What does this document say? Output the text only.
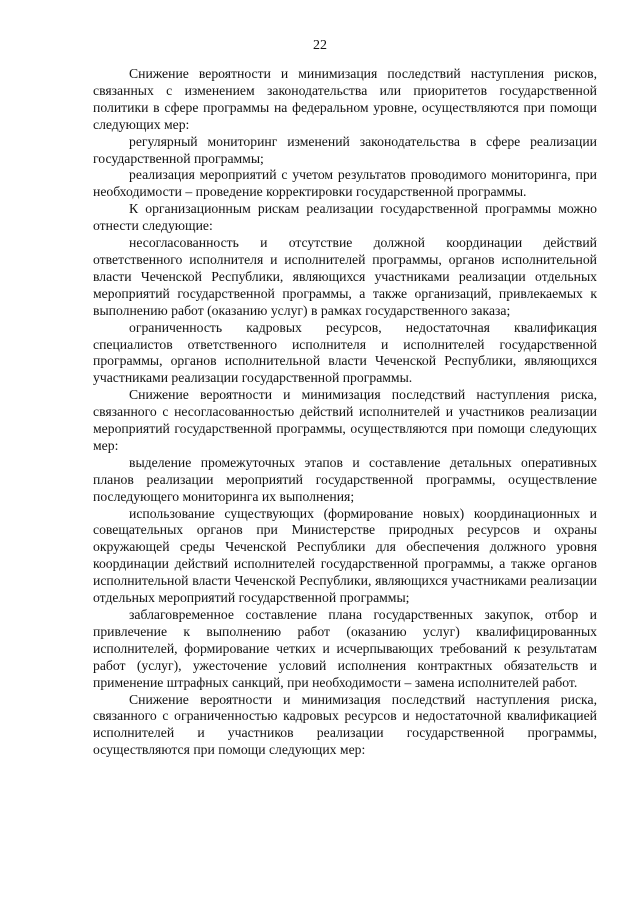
22

Снижение вероятности и минимизация последствий наступления рисков, связанных с изменением законодательства или приоритетов государственной политики в сфере программы на федеральном уровне, осуществляются при помощи следующих мер:

регулярный мониторинг изменений законодательства в сфере реализации государственной программы;

реализация мероприятий с учетом результатов проводимого мониторинга, при необходимости – проведение корректировки государственной программы.

К организационным рискам реализации государственной программы можно отнести следующие:

несогласованность и отсутствие должной координации действий ответственного исполнителя и исполнителей программы, органов исполнительной власти Чеченской Республики, являющихся участниками реализации отдельных мероприятий государственной программы, а также организаций, привлекаемых к выполнению работ (оказанию услуг) в рамках государственного заказа;

ограниченность кадровых ресурсов, недостаточная квалификация специалистов ответственного исполнителя и исполнителей государственной программы, органов исполнительной власти Чеченской Республики, являющихся участниками реализации государственной программы.

Снижение вероятности и минимизация последствий наступления риска, связанного с несогласованностью действий исполнителей и участников реализации мероприятий государственной программы, осуществляются при помощи следующих мер:

выделение промежуточных этапов и составление детальных оперативных планов реализации мероприятий государственной программы, осуществление последующего мониторинга их выполнения;

использование существующих (формирование новых) координационных и совещательных органов при Министерстве природных ресурсов и охраны окружающей среды Чеченской Республики для обеспечения должного уровня координации действий исполнителей государственной программы, а также органов исполнительной власти Чеченской Республики, являющихся участниками реализации отдельных мероприятий государственной программы;

заблаговременное составление плана государственных закупок, отбор и привлечение к выполнению работ (оказанию услуг) квалифицированных исполнителей, формирование четких и исчерпывающих требований к результатам работ (услуг), ужесточение условий исполнения контрактных обязательств и применение штрафных санкций, при необходимости – замена исполнителей работ.

Снижение вероятности и минимизация последствий наступления риска, связанного с ограниченностью кадровых ресурсов и недостаточной квалификацией исполнителей и участников реализации государственной программы, осуществляются при помощи следующих мер:
